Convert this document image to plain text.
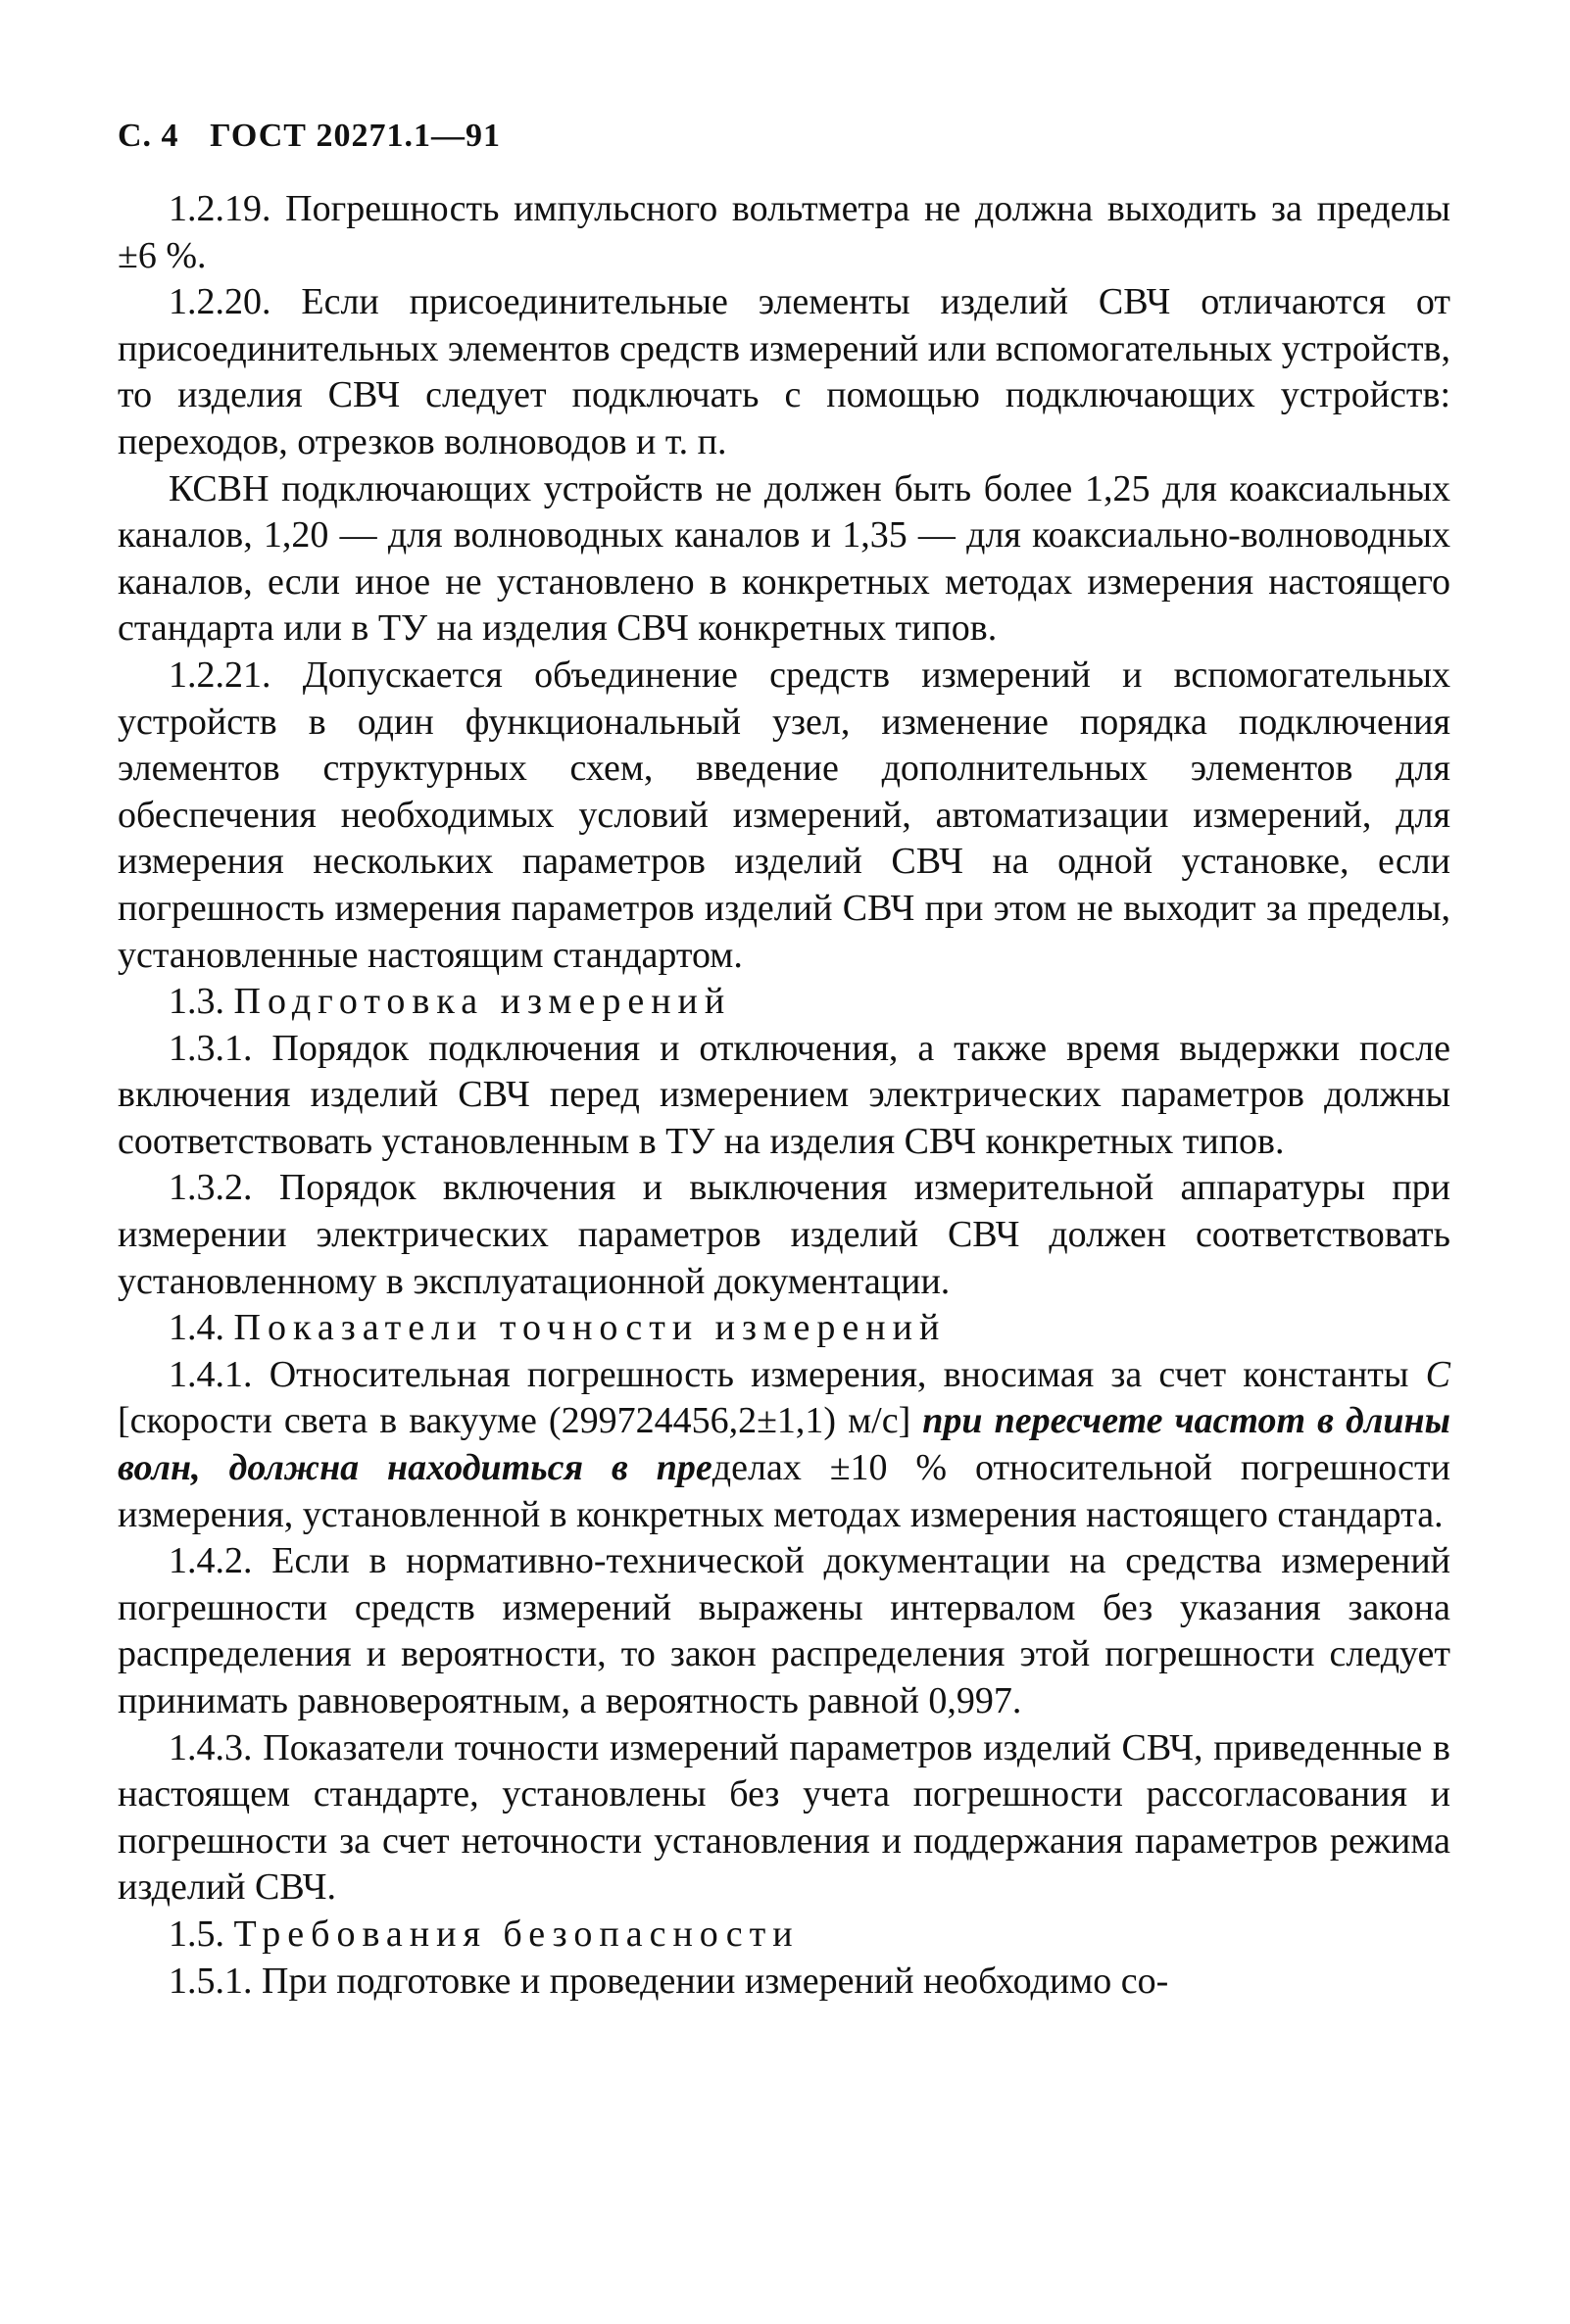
С. 4 ГОСТ 20271.1—91

1.2.19. Погрешность импульсного вольтметра не должна выходить за пределы ±6 %.

1.2.20. Если присоединительные элементы изделий СВЧ отличаются от присоединительных элементов средств измерений или вспомогательных устройств, то изделия СВЧ следует подключать с помощью подключающих устройств: переходов, отрезков волноводов и т. п.

КСВН подключающих устройств не должен быть более 1,25 для коаксиальных каналов, 1,20 — для волноводных каналов и 1,35 — для коаксиально-волноводных каналов, если иное не установлено в конкретных методах измерения настоящего стандарта или в ТУ на изделия СВЧ конкретных типов.

1.2.21. Допускается объединение средств измерений и вспомогательных устройств в один функциональный узел, изменение порядка подключения элементов структурных схем, введение дополнительных элементов для обеспечения необходимых условий измерений, автоматизации измерений, для измерения нескольких параметров изделий СВЧ на одной установке, если погрешность измерения параметров изделий СВЧ при этом не выходит за пределы, установленные настоящим стандартом.

1.3. Подготовка измерений

1.3.1. Порядок подключения и отключения, а также время выдержки после включения изделий СВЧ перед измерением электрических параметров должны соответствовать установленным в ТУ на изделия СВЧ конкретных типов.

1.3.2. Порядок включения и выключения измерительной аппаратуры при измерении электрических параметров изделий СВЧ должен соответствовать установленному в эксплуатационной документации.

1.4. Показатели точности измерений

1.4.1. Относительная погрешность измерения, вносимая за счет константы С [скорости света в вакууме (299724456,2±1,1) м/с] при пересчете частот в длины волн, должна находиться в пределах ±10 % относительной погрешности измерения, установленной в конкретных методах измерения настоящего стандарта.

1.4.2. Если в нормативно-технической документации на средства измерений погрешности средств измерений выражены интервалом без указания закона распределения и вероятности, то закон распределения этой погрешности следует принимать равновероятным, а вероятность равной 0,997.

1.4.3. Показатели точности измерений параметров изделий СВЧ, приведенные в настоящем стандарте, установлены без учета погрешности рассогласования и погрешности за счет неточности установления и поддержания параметров режима изделий СВЧ.

1.5. Требования безопасности

1.5.1. При подготовке и проведении измерений необходимо со-
